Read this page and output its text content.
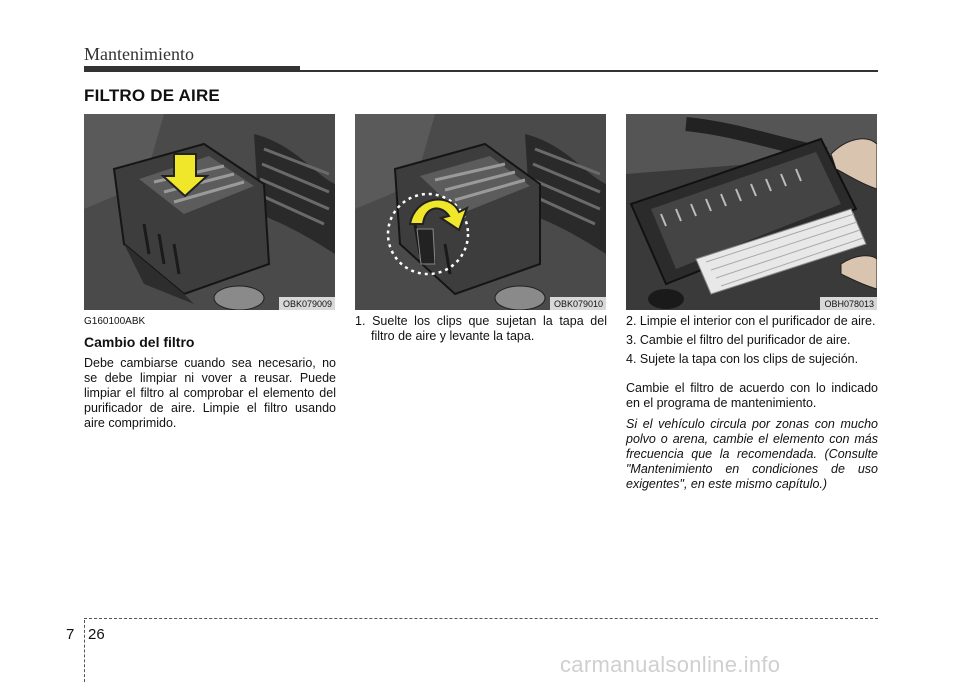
Mantenimiento
FILTRO DE AIRE
OBK079009	OBK079010	OBH078013
G160100ABK
Cambio del filtro

Debe cambiarse cuando sea necesario, no se debe limpiar ni vover a reusar. Puede limpiar el filtro al comprobar el elemento del purificador de aire. Limpie el filtro usando aire comprimido.

1. Suelte los clips que sujetan la tapa del filtro de aire y levante la tapa.

2. Limpie el interior con el purificador de aire.

3. Cambie el filtro del purificador de aire.

4. Sujete la tapa con los clips de sujeción.

Cambie el filtro de acuerdo con lo indicado en el programa de mantenimiento.

Si el vehículo circula por zonas con mucho polvo o arena, cambie el elemento con más frecuencia que la recomendada. (Consulte "Mantenimiento en condiciones de uso exigentes", en este mismo capítulo.)

7 26
carmanualsonline.info
